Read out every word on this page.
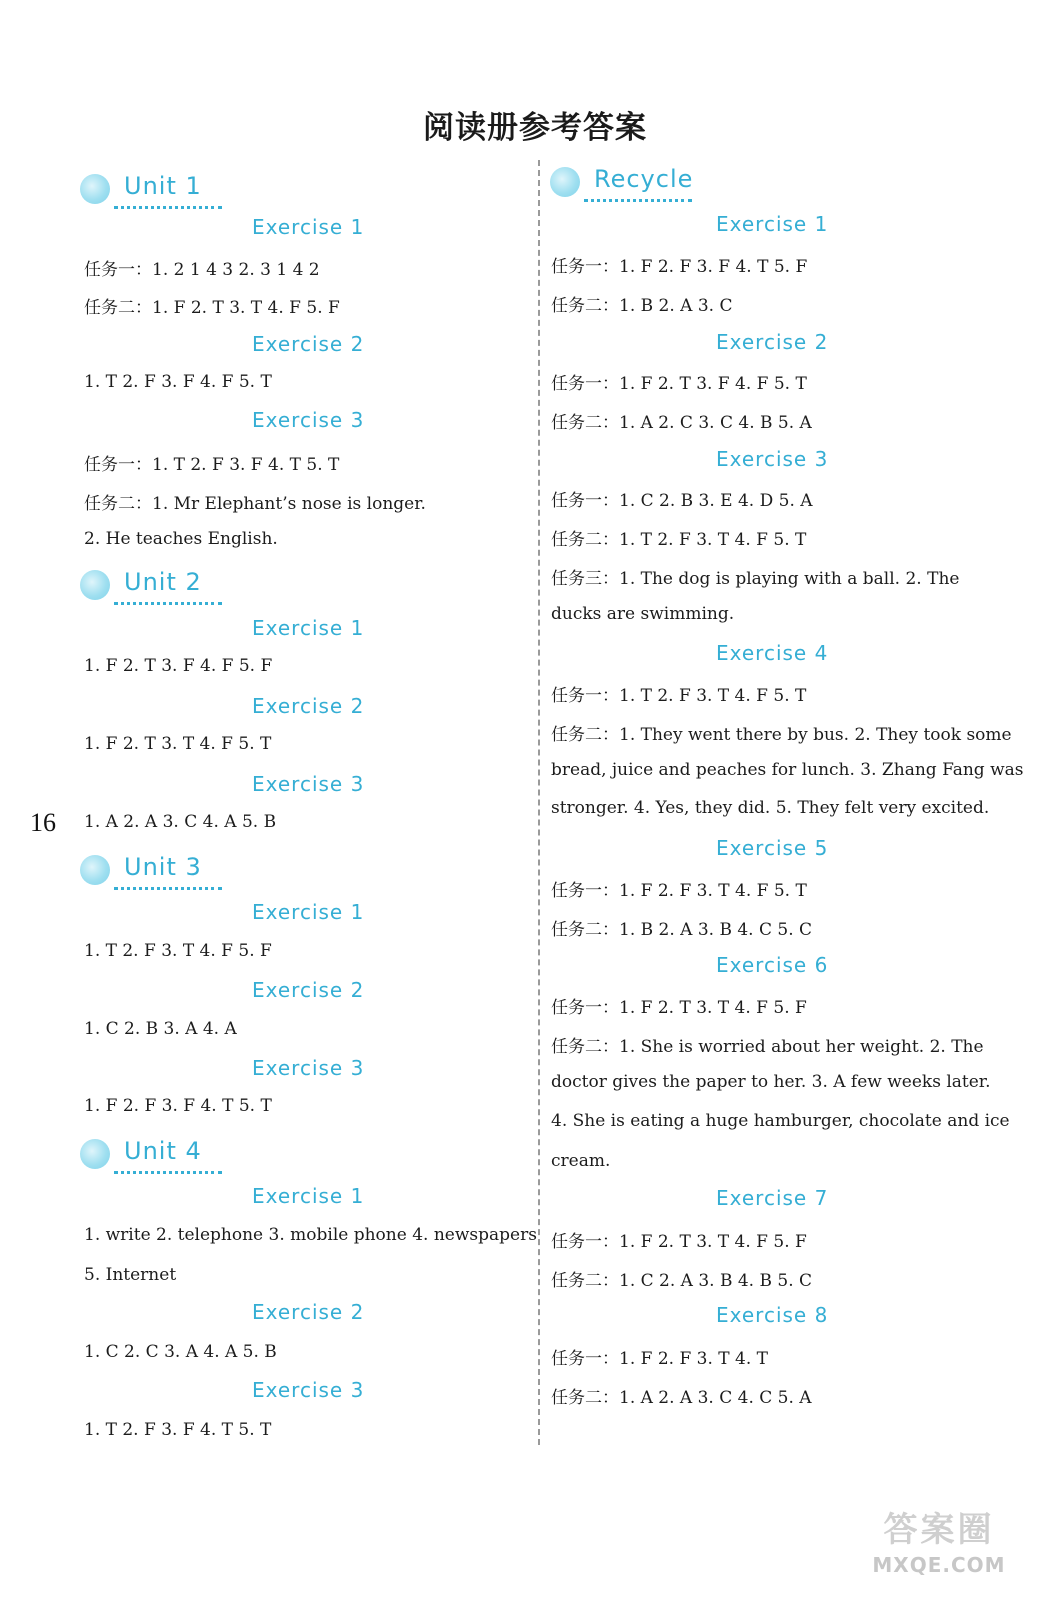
阅读册参考答案
16
Unit 1
Exercise 1
任务一：1. 2 1 4 3 2. 3 1 4 2
任务二：1. F 2. T 3. T 4. F 5. F
Exercise 2
1. T 2. F 3. F 4. F 5. T
Exercise 3
任务一：1. T 2. F 3. F 4. T 5. T
任务二：1. Mr Elephant’s nose is longer.
2. He teaches English.
Unit 2
Exercise 1
1. F 2. T 3. F 4. F 5. F
Exercise 2
1. F 2. T 3. T 4. F 5. T
Exercise 3
1. A 2. A 3. C 4. A 5. B
Unit 3
Exercise 1
1. T 2. F 3. T 4. F 5. F
Exercise 2
1. C 2. B 3. A 4. A
Exercise 3
1. F 2. F 3. F 4. T 5. T
Unit 4
Exercise 1
1. write 2. telephone 3. mobile phone 4. newspapers
5. Internet
Exercise 2
1. C 2. C 3. A 4. A 5. B
Exercise 3
1. T 2. F 3. F 4. T 5. T
Recycle
Exercise 1
任务一：1. F 2. F 3. F 4. T 5. F
任务二：1. B 2. A 3. C
Exercise 2
任务一：1. F 2. T 3. F 4. F 5. T
任务二：1. A 2. C 3. C 4. B 5. A
Exercise 3
任务一：1. C 2. B 3. E 4. D 5. A
任务二：1. T 2. F 3. T 4. F 5. T
任务三：1. The dog is playing with a ball. 2. The
ducks are swimming.
Exercise 4
任务一：1. T 2. F 3. T 4. F 5. T
任务二：1. They went there by bus. 2. They took some
bread, juice and peaches for lunch. 3. Zhang Fang was
stronger. 4. Yes, they did. 5. They felt very excited.
Exercise 5
任务一：1. F 2. F 3. T 4. F 5. T
任务二：1. B 2. A 3. B 4. C 5. C
Exercise 6
任务一：1. F 2. T 3. T 4. F 5. F
任务二：1. She is worried about her weight. 2. The
doctor gives the paper to her. 3. A few weeks later.
4. She is eating a huge hamburger, chocolate and ice
cream.
Exercise 7
任务一：1. F 2. T 3. T 4. F 5. F
任务二：1. C 2. A 3. B 4. B 5. C
Exercise 8
任务一：1. F 2. F 3. T 4. T
任务二：1. A 2. A 3. C 4. C 5. A
答案圈
MXQE.COM
